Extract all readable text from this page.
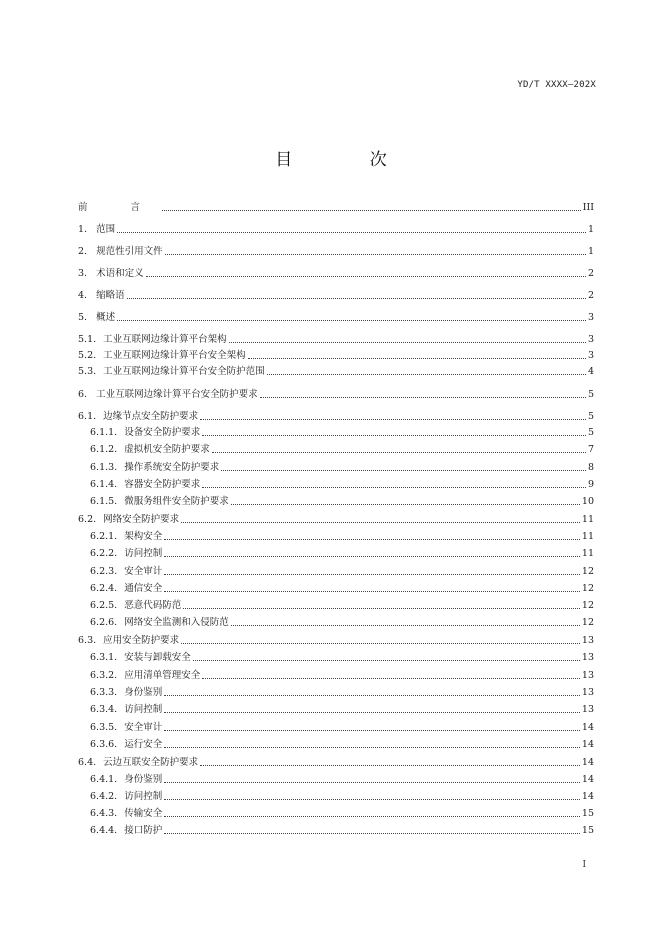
YD/T XXXX—202X
目 次
前 言	III
1. 范围	1
2. 规范性引用文件	1
3. 术语和定义	2
4. 缩略语	2
5. 概述	3
5.1. 工业互联网边缘计算平台架构	3
5.2. 工业互联网边缘计算平台安全架构	3
5.3. 工业互联网边缘计算平台安全防护范围	4
6. 工业互联网边缘计算平台安全防护要求	5
6.1. 边缘节点安全防护要求	5
6.1.1. 设备安全防护要求	5
6.1.2. 虚拟机安全防护要求	7
6.1.3. 操作系统安全防护要求	8
6.1.4. 容器安全防护要求	9
6.1.5. 微服务组件安全防护要求	10
6.2. 网络安全防护要求	11
6.2.1. 架构安全	11
6.2.2. 访问控制	11
6.2.3. 安全审计	12
6.2.4. 通信安全	12
6.2.5. 恶意代码防范	12
6.2.6. 网络安全监测和入侵防范	12
6.3. 应用安全防护要求	13
6.3.1. 安装与卸载安全	13
6.3.2. 应用清单管理安全	13
6.3.3. 身份鉴别	13
6.3.4. 访问控制	13
6.3.5. 安全审计	14
6.3.6. 运行安全	14
6.4. 云边互联安全防护要求	14
6.4.1. 身份鉴别	14
6.4.2. 访问控制	14
6.4.3. 传输安全	15
6.4.4. 接口防护	15
I
